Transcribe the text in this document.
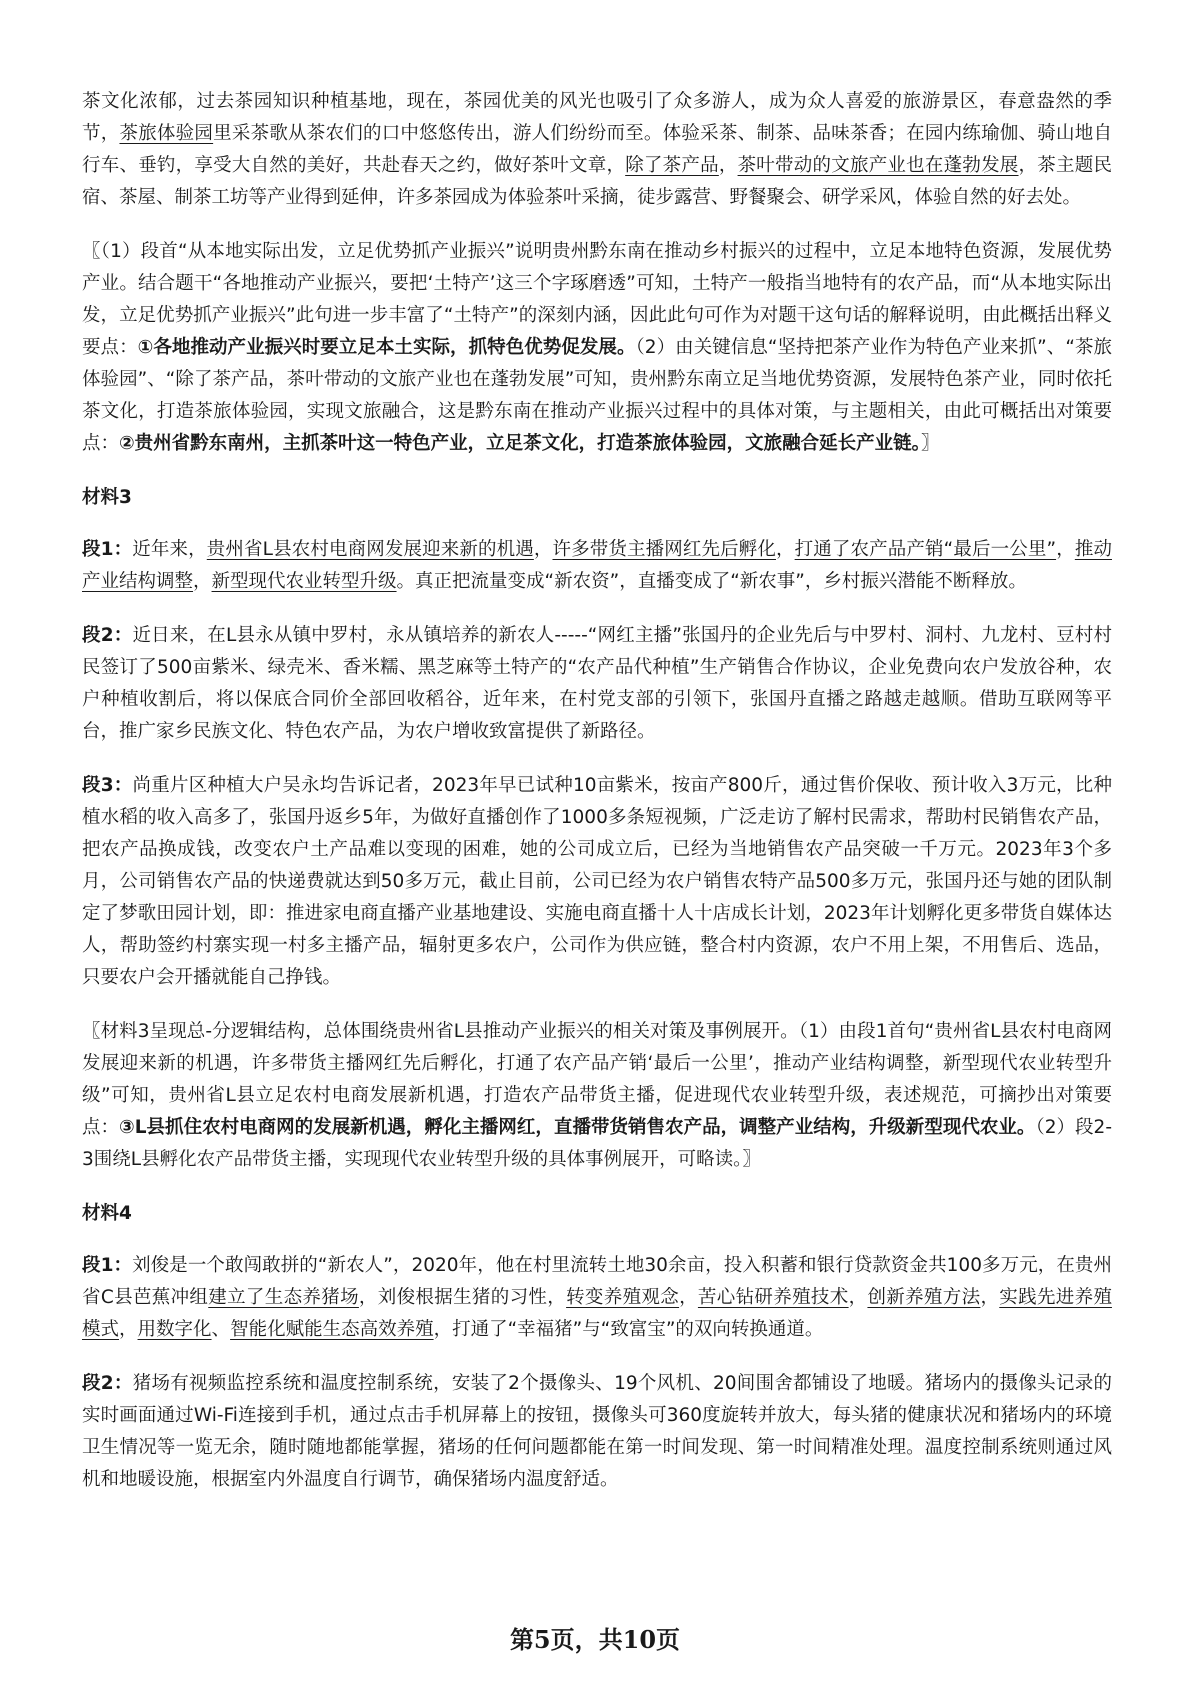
茶文化浓郁，过去茶园知识种植基地，现在，茶园优美的风光也吸引了众多游人，成为众人喜爱的旅游景区，春意盎然的季节，茶旅体验园里采茶歌从茶农们的口中悠悠传出，游人们纷纷而至。体验采茶、制茶、品味茶香；在园内练瑜伽、骑山地自行车、垂钓，享受大自然的美好，共赴春天之约，做好茶叶文章，除了茶产品，茶叶带动的文旅产业也在蓬勃发展，茶主题民宿、茶屋、制茶工坊等产业得到延伸，许多茶园成为体验茶叶采摘，徒步露营、野餐聚会、研学采风，体验自然的好去处。

〖（1）段首“从本地实际出发，立足优势抓产业振兴”说明贵州黔东南在推动乡村振兴的过程中，立足本地特色资源，发展优势产业。结合题干“各地推动产业振兴，要把‘土特产’这三个字琢磨透”可知，土特产一般指当地特有的农产品，而“从本地实际出发，立足优势抓产业振兴”此句进一步丰富了“土特产”的深刻内涵，因此此句可作为对题干这句话的解释说明，由此概括出释义要点：①各地推动产业振兴时要立足本土实际，抓特色优势促发展。（2）由关键信息“坚持把茶产业作为特色产业来抓”、“茶旅体验园”、“除了茶产品，茶叶带动的文旅产业也在蓬勃发展”可知，贵州黔东南立足当地优势资源，发展特色茶产业，同时依托茶文化，打造茶旅体验园，实现文旅融合，这是黔东南在推动产业振兴过程中的具体对策，与主题相关，由此可概括出对策要点：②贵州省黔东南州，主抓茶叶这一特色产业，立足茶文化，打造茶旅体验园，文旅融合延长产业链。〗

材料3

段1：近年来，贵州省L县农村电商网发展迎来新的机遇，许多带货主播网红先后孵化，打通了农产品产销“最后一公里”，推动产业结构调整，新型现代农业转型升级。真正把流量变成“新农资”，直播变成了“新农事”，乡村振兴潜能不断释放。

段2：近日来，在L县永从镇中罗村，永从镇培养的新农人-----“网红主播”张国丹的企业先后与中罗村、洞村、九龙村、豆村村民签订了500亩紫米、绿壳米、香米糯、黑芝麻等土特产的“农产品代种植”生产销售合作协议，企业免费向农户发放谷种，农户种植收割后，将以保底合同价全部回收稻谷，近年来，在村党支部的引领下，张国丹直播之路越走越顺。借助互联网等平台，推广家乡民族文化、特色农产品，为农户增收致富提供了新路径。

段3：尚重片区种植大户吴永均告诉记者，2023年早已试种10亩紫米，按亩产800斤，通过售价保收、预计收入3万元，比种植水稻的收入高多了，张国丹返乡5年，为做好直播创作了1000多条短视频，广泛走访了解村民需求，帮助村民销售农产品，把农产品换成钱，改变农户土产品难以变现的困难，她的公司成立后，已经为当地销售农产品突破一千万元。2023年3个多月，公司销售农产品的快递费就达到50多万元，截止目前，公司已经为农户销售农特产品500多万元，张国丹还与她的团队制定了梦歌田园计划，即：推进家电商直播产业基地建设、实施电商直播十人十店成长计划，2023年计划孵化更多带货自媒体达人，帮助签约村寨实现一村多主播产品，辐射更多农户，公司作为供应链，整合村内资源，农户不用上架，不用售后、选品，只要农户会开播就能自己挣钱。

〖材料3呈现总-分逻辑结构，总体围绕贵州省L县推动产业振兴的相关对策及事例展开。（1）由段1首句“贵州省L县农村电商网发展迎来新的机遇，许多带货主播网红先后孵化，打通了农产品产销‘最后一公里’，推动产业结构调整，新型现代农业转型升级”可知，贵州省L县立足农村电商发展新机遇，打造农产品带货主播，促进现代农业转型升级，表述规范，可摘抄出对策要点：③L县抓住农村电商网的发展新机遇，孵化主播网红，直播带货销售农产品，调整产业结构，升级新型现代农业。（2）段2-3围绕L县孵化农产品带货主播，实现现代农业转型升级的具体事例展开，可略读。〗

材料4

段1：刘俊是一个敢闯敢拼的“新农人”，2020年，他在村里流转土地30余亩，投入积蓄和银行贷款资金共100多万元，在贵州省C县芭蕉冲组建立了生态养猪场，刘俊根据生猪的习性，转变养殖观念，苦心钻研养殖技术，创新养殖方法，实践先进养殖模式，用数字化、智能化赋能生态高效养殖，打通了“幸福猪”与“致富宝”的双向转换通道。

段2：猪场有视频监控系统和温度控制系统，安装了2个摄像头、19个风机、20间围舍都铺设了地暖。猪场内的摄像头记录的实时画面通过Wi-Fi连接到手机，通过点击手机屏幕上的按钮，摄像头可360度旋转并放大，每头猪的健康状况和猪场内的环境卫生情况等一览无余，随时随地都能掌握，猪场的任何问题都能在第一时间发现、第一时间精准处理。温度控制系统则通过风机和地暖设施，根据室内外温度自行调节，确保猪场内温度舒适。

第5页，共10页
